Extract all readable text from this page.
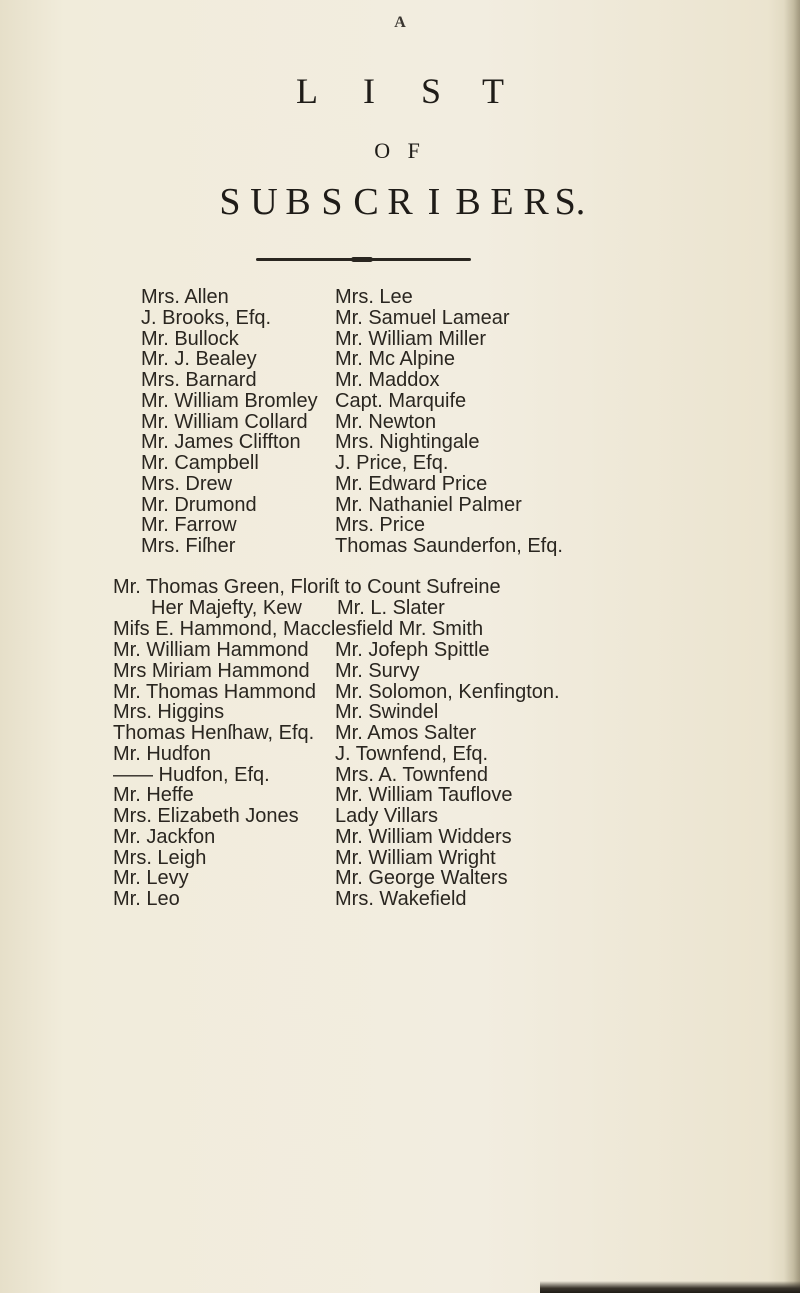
A
L I S T
O F
S U B S C R I B E R S.
Mrs. Allen
J. Brooks, Efq.
Mr. Bullock
Mr. J. Bealey
Mrs. Barnard
Mr. William Bromley
Mr. William Collard
Mr. James Cliffton
Mr. Campbell
Mrs. Drew
Mr. Drumond
Mr. Farrow
Mrs. Fiſher
Mrs. Lee
Mr. Samuel Lamear
Mr. William Miller
Mr. Mc Alpine
Mr. Maddox
Capt. Marquife
Mr. Newton
Mrs. Nightingale
J. Price, Efq.
Mr. Edward Price
Mr. Nathaniel Palmer
Mrs. Price
Thomas Saunderfon, Efq.
Mr. Thomas Green, Floriſt to Count Sufreine
Her Majefty, Kew Mr. L. Slater
Mifs E. Hammond, Macclesfield Mr. Smith
Mr. William Hammond
Mrs Miriam Hammond
Mr. Thomas Hammond
Mrs. Higgins
Thomas Henſhaw, Efq.
Mr. Hudfon
—— Hudfon, Efq.
Mr. Heffe
Mrs. Elizabeth Jones
Mr. Jackfon
Mrs. Leigh
Mr. Levy
Mr. Leo
Mr. Jofeph Spittle
Mr. Survy
Mr. Solomon, Kenfington.
Mr. Swindel
Mr. Amos Salter
J. Townfend, Efq.
Mrs. A. Townfend
Mr. William Tauflove
Lady Villars
Mr. William Widders
Mr. William Wright
Mr. George Walters
Mrs. Wakefield
